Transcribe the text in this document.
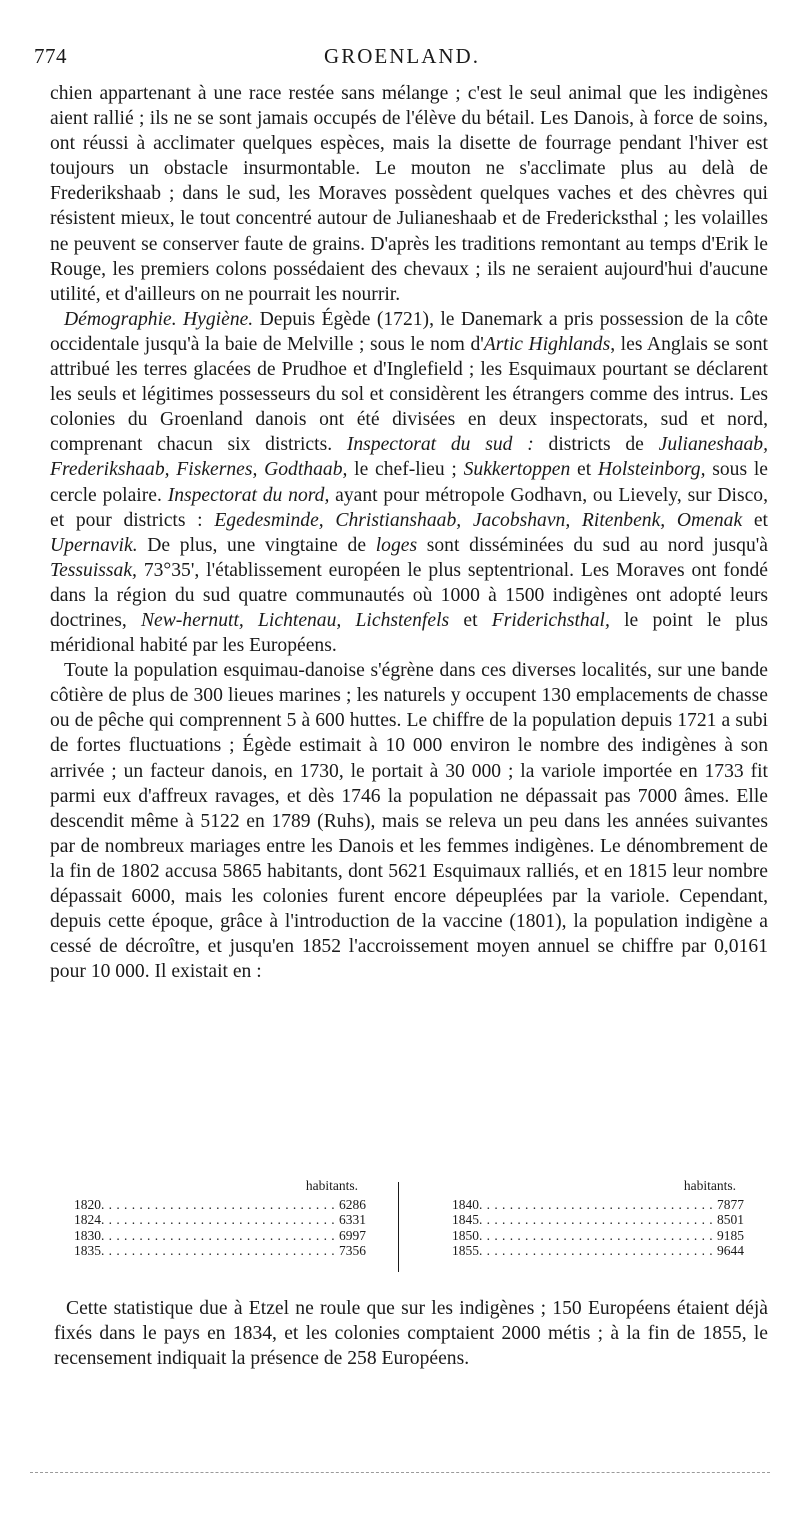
774	GROENLAND.

chien appartenant à une race restée sans mélange ; c'est le seul animal que les indigènes aient rallié ; ils ne se sont jamais occupés de l'élève du bétail. Les Danois, à force de soins, ont réussi à acclimater quelques espèces, mais la disette de fourrage pendant l'hiver est toujours un obstacle insurmontable. Le mouton ne s'acclimate plus au delà de Frederikshaab ; dans le sud, les Moraves possèdent quelques vaches et des chèvres qui résistent mieux, le tout concentré autour de Julianeshaab et de Fredericksthal ; les volailles ne peuvent se conserver faute de grains. D'après les traditions remontant au temps d'Erik le Rouge, les premiers colons possédaient des chevaux ; ils ne seraient aujourd'hui d'aucune utilité, et d'ailleurs on ne pourrait les nourrir.

Démographie. Hygiène. Depuis Égède (1721), le Danemark a pris possession de la côte occidentale jusqu'à la baie de Melville ; sous le nom d'Artic Highlands, les Anglais se sont attribué les terres glacées de Prudhoe et d'Inglefield ; les Esquimaux pourtant se déclarent les seuls et légitimes possesseurs du sol et considèrent les étrangers comme des intrus. Les colonies du Groenland danois ont été divisées en deux inspectorats, sud et nord, comprenant chacun six districts. Inspectorat du sud : districts de Julianeshaab, Frederikshaab, Fiskernes, Godthaab, le chef-lieu ; Sukkertoppen et Holsteinborg, sous le cercle polaire. Inspectorat du nord, ayant pour métropole Godhavn, ou Lievely, sur Disco, et pour districts : Egedesminde, Christianshaab, Jacobshavn, Ritenbenk, Omenak et Upernavik. De plus, une vingtaine de loges sont disséminées du sud au nord jusqu'à Tessuissak, 73°35', l'établissement européen le plus septentrional. Les Moraves ont fondé dans la région du sud quatre communautés où 1000 à 1500 indigènes ont adopté leurs doctrines, New-hernutt, Lichtenau, Lichstenfels et Friderichsthal, le point le plus méridional habité par les Européens.

Toute la population esquimau-danoise s'égrène dans ces diverses localités, sur une bande côtière de plus de 300 lieues marines ; les naturels y occupent 130 emplacements de chasse ou de pêche qui comprennent 5 à 600 huttes. Le chiffre de la population depuis 1721 a subi de fortes fluctuations ; Égède estimait à 10 000 environ le nombre des indigènes à son arrivée ; un facteur danois, en 1730, le portait à 30 000 ; la variole importée en 1733 fit parmi eux d'affreux ravages, et dès 1746 la population ne dépassait pas 7000 âmes. Elle descendit même à 5122 en 1789 (Ruhs), mais se releva un peu dans les années suivantes par de nombreux mariages entre les Danois et les femmes indigènes. Le dénombrement de la fin de 1802 accusa 5865 habitants, dont 5621 Esquimaux ralliés, et en 1815 leur nombre dépassait 6000, mais les colonies furent encore dépeuplées par la variole. Cependant, depuis cette époque, grâce à l'introduction de la vaccine (1801), la population indigène a cessé de décroître, et jusqu'en 1852 l'accroissement moyen annuel se chiffre par 0,0161 pour 10 000. Il existait en :

habitants.
1820 ............................... 6286
1824 ............................... 6331
1830 ............................... 6997
1835 ............................... 7356
habitants.
1840 ............................... 7877
1845 ............................... 8501
1850 ............................... 9185
1855 ............................... 9644

Cette statistique due à Etzel ne roule que sur les indigènes ; 150 Européens étaient déjà fixés dans le pays en 1834, et les colonies comptaient 2000 métis ; à la fin de 1855, le recensement indiquait la présence de 258 Européens.
